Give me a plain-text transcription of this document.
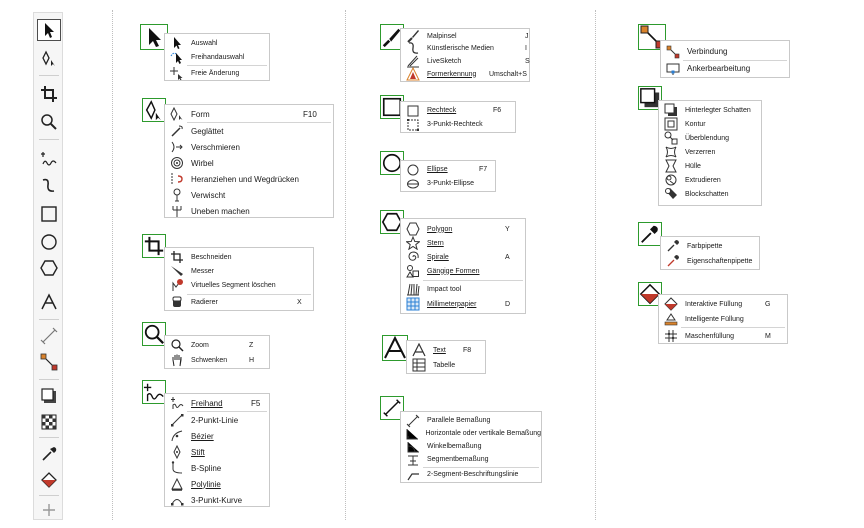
Auswahl
Freihandauswahl
Freie Änderung
Form	F10
Geglättet
Verschmieren
Wirbel
Heranziehen und Wegdrücken
Verwischt
Uneben machen
Beschneiden
Messer
Virtuelles Segment löschen
Radierer	X
Zoom	Z
Schwenken	H
Freihand	F5
2-Punkt-Linie
Bézier
Stift
B-Spline
Polylinie
3-Punkt-Kurve
Malpinsel	J
Künstlerische Medien	I
LiveSketch	S
Formerkennung Umschalt+S
Rechteck	F6
3-Punkt-Rechteck
Ellipse	F7
3-Punkt-Ellipse
Polygon	Y
Stern
Spirale	A
Gängige Formen
Impact tool
Millimeterpapier	D
Text F8
Tabelle
Parallele Bemaßung
Horizontale oder vertikale Bemaßung
Winkelbemaßung
Segmentbemaßung
2-Segment-Beschriftungslinie
Verbindung
Ankerbearbeitung
Hinterlegter Schatten
Kontur
Überblendung
Verzerren
Hülle
Extrudieren
Blockschatten
Farbpipette
Eigenschaftenpipette
Interaktive Füllung	G
Intelligente Füllung
Maschenfüllung	M
